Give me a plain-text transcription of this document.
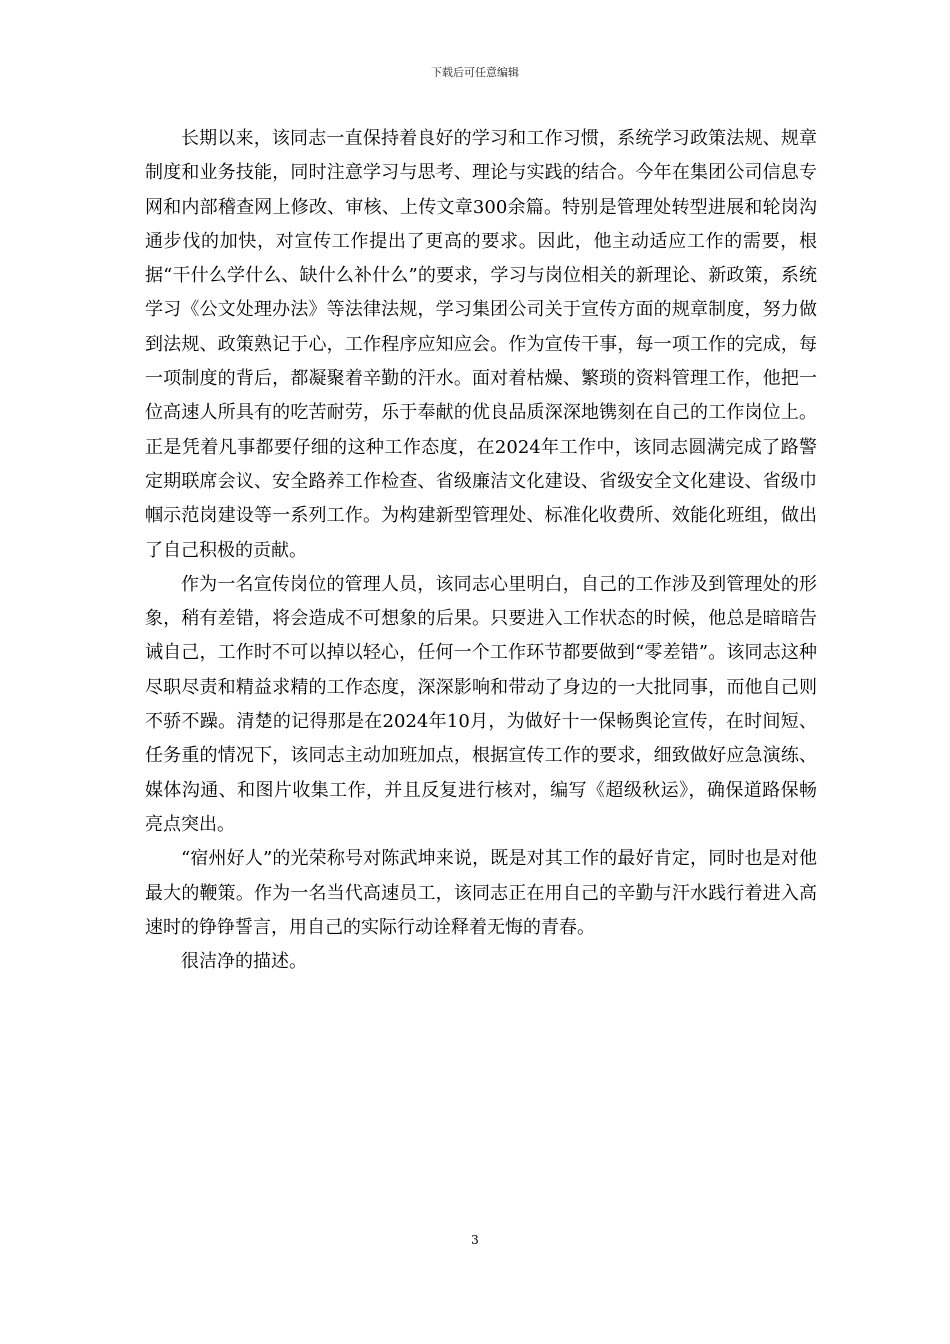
下载后可任意编辑

长期以来，该同志一直保持着良好的学习和工作习惯，系统学习政策法规、规章制度和业务技能，同时注意学习与思考、理论与实践的结合。今年在集团公司信息专网和内部稽查网上修改、审核、上传文章300余篇。特别是管理处转型进展和轮岗沟通步伐的加快，对宣传工作提出了更高的要求。因此，他主动适应工作的需要，根据“干什么学什么、缺什么补什么”的要求，学习与岗位相关的新理论、新政策，系统学习《公文处理办法》等法律法规，学习集团公司关于宣传方面的规章制度，努力做到法规、政策熟记于心，工作程序应知应会。作为宣传干事，每一项工作的完成，每一项制度的背后，都凝聚着辛勤的汗水。面对着枯燥、繁琐的资料管理工作，他把一位高速人所具有的吃苦耐劳，乐于奉献的优良品质深深地镌刻在自己的工作岗位上。正是凭着凡事都要仔细的这种工作态度，在2024年工作中，该同志圆满完成了路警定期联席会议、安全路养工作检查、省级廉洁文化建设、省级安全文化建设、省级巾帼示范岗建设等一系列工作。为构建新型管理处、标准化收费所、效能化班组，做出了自己积极的贡献。

作为一名宣传岗位的管理人员，该同志心里明白，自己的工作涉及到管理处的形象，稍有差错，将会造成不可想象的后果。只要进入工作状态的时候，他总是暗暗告诫自己，工作时不可以掉以轻心，任何一个工作环节都要做到“零差错”。该同志这种尽职尽责和精益求精的工作态度，深深影响和带动了身边的一大批同事，而他自己则不骄不躁。清楚的记得那是在2024年10月，为做好十一保畅舆论宣传，在时间短、任务重的情况下，该同志主动加班加点，根据宣传工作的要求，细致做好应急演练、媒体沟通、和图片收集工作，并且反复进行核对，编写《超级秋运》，确保道路保畅亮点突出。

“宿州好人”的光荣称号对陈武坤来说，既是对其工作的最好肯定，同时也是对他最大的鞭策。作为一名当代高速员工，该同志正在用自己的辛勤与汗水践行着进入高速时的铮铮誓言，用自己的实际行动诠释着无悔的青春。

很洁净的描述。

3
